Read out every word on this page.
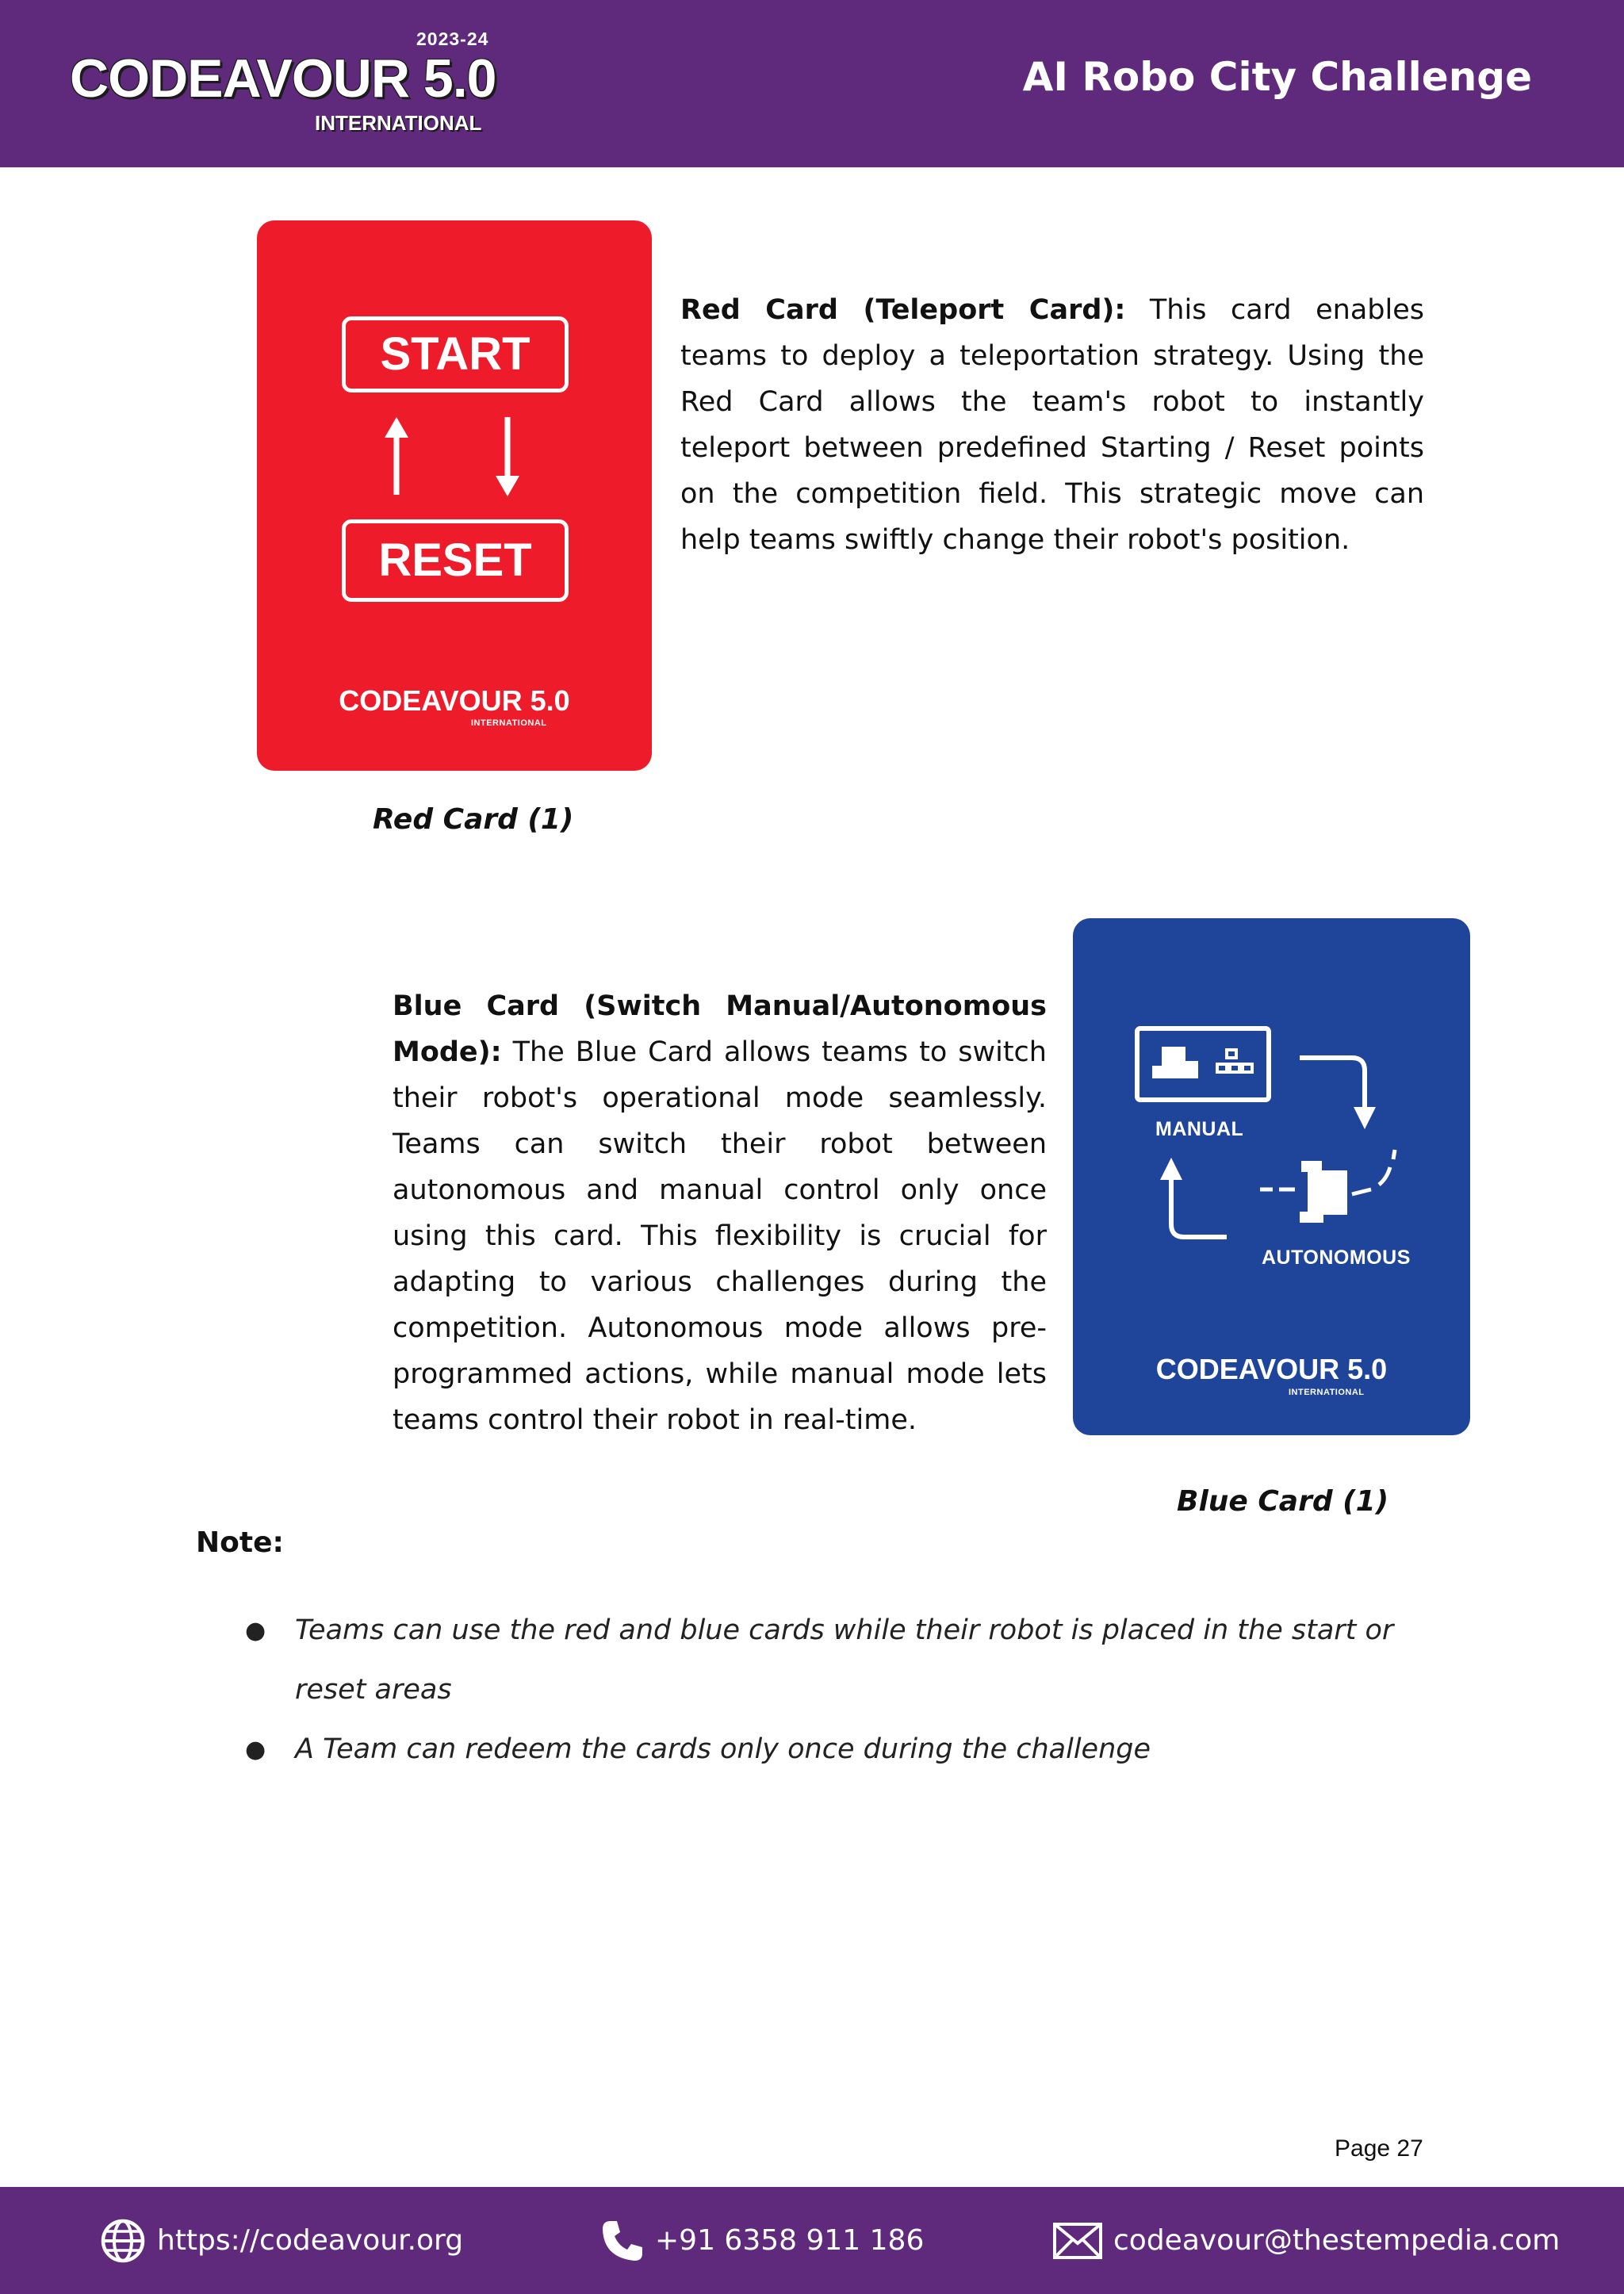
2023-24
CODEAVOUR 5.0
INTERNATIONAL
AI Robo City Challenge
START
RESET
CODEAVOUR 5.0
INTERNATIONAL
Red Card (Teleport Card): This card enables teams to deploy a teleportation strategy. Using the Red Card allows the team's robot to instantly teleport between predefined Starting / Reset points on the competition field. This strategic move can help teams swiftly change their robot's position.
Red Card (1)
Blue Card (Switch Manual/Autonomous Mode): The Blue Card allows teams to switch their robot's operational mode seamlessly. Teams can switch their robot between autonomous and manual control only once using this card. This flexibility is crucial for adapting to various challenges during the competition. Autonomous mode allows pre-programmed actions, while manual mode lets teams control their robot in real-time.
MANUAL
AUTONOMOUS
CODEAVOUR 5.0
INTERNATIONAL
Blue Card (1)
Note:
● Teams can use the red and blue cards while their robot is placed in the start or reset areas
● A Team can redeem the cards only once during the challenge
Page 27
https://codeavour.org	+91 6358 911 186	codeavour@thestempedia.com
